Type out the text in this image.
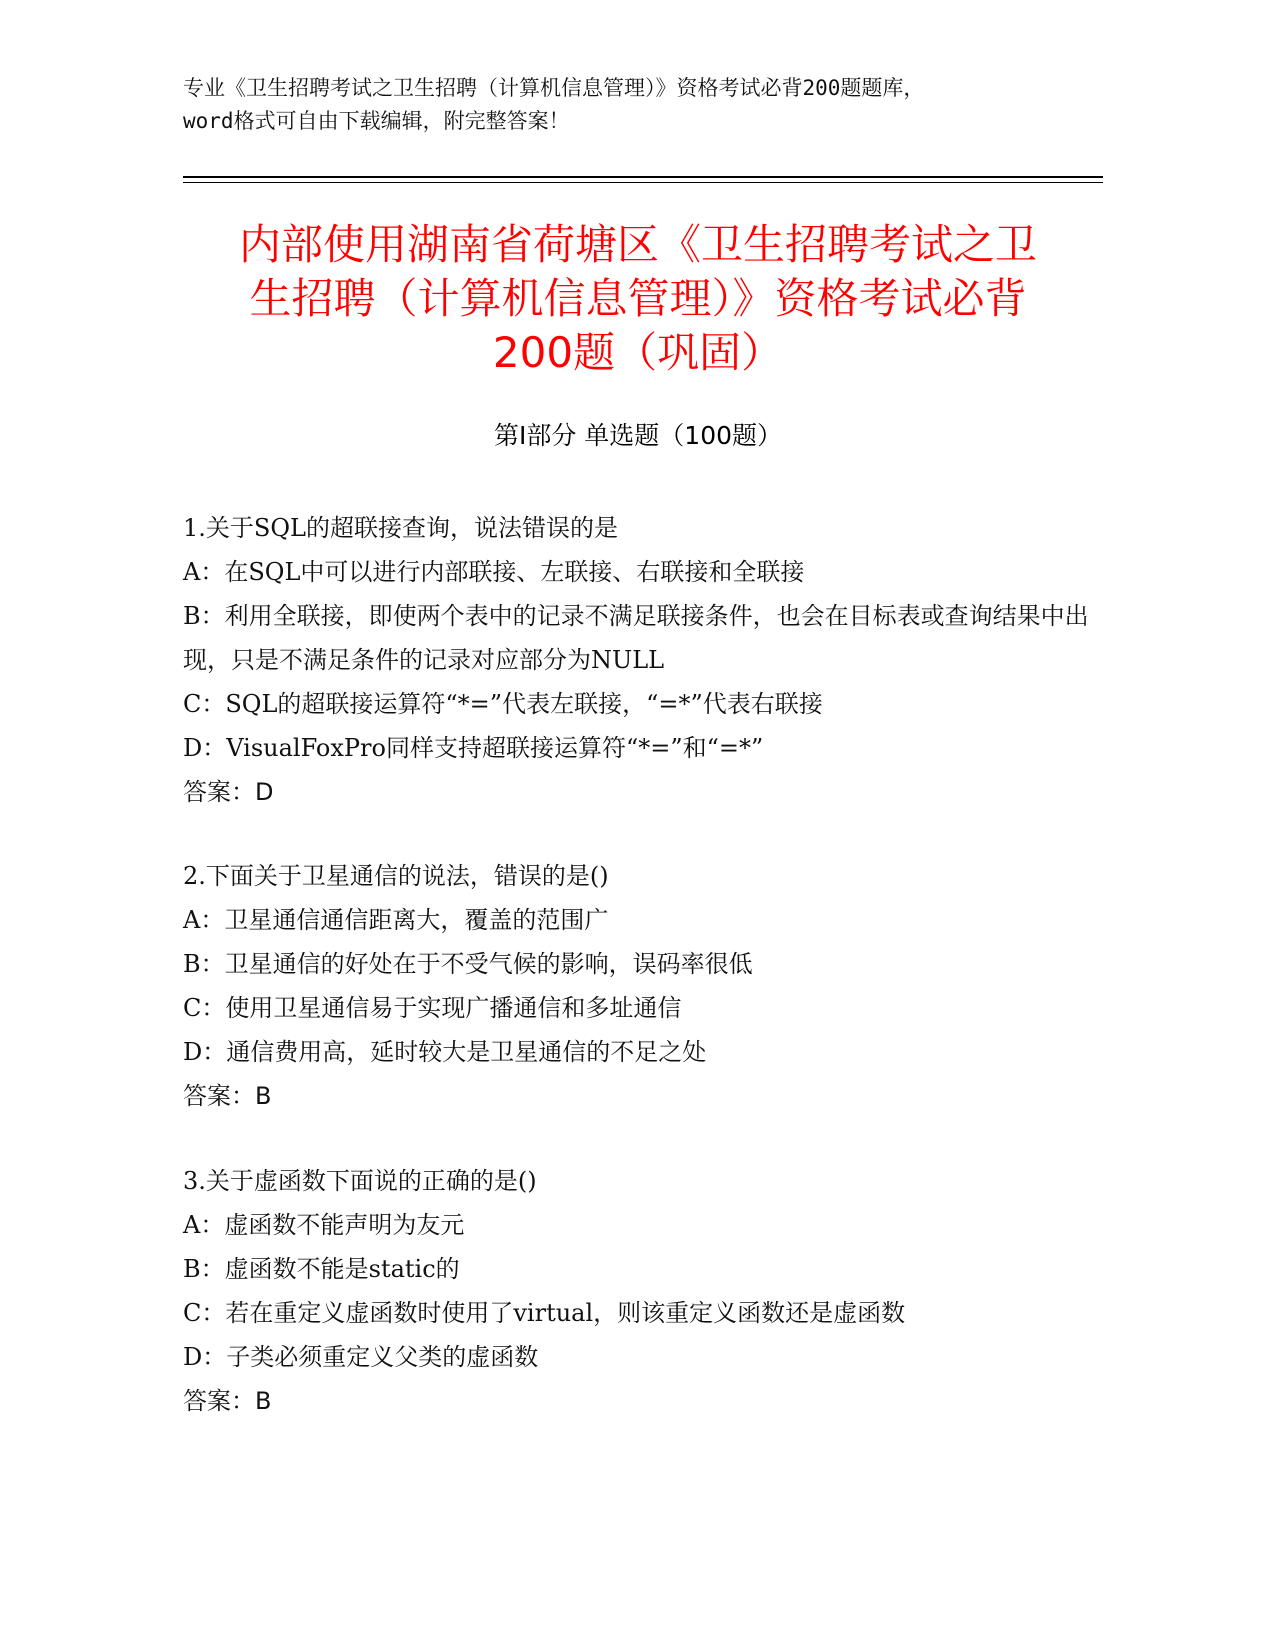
专业《卫生招聘考试之卫生招聘（计算机信息管理）》资格考试必背200题题库，
word格式可自由下载编辑，附完整答案！
内部使用湖南省荷塘区《卫生招聘考试之卫
生招聘（计算机信息管理）》资格考试必背
200题（巩固）
第I部分 单选题（100题）
1.关于SQL的超联接查询，说法错误的是
A：在SQL中可以进行内部联接、左联接、右联接和全联接
B：利用全联接，即使两个表中的记录不满足联接条件，也会在目标表或查询结果中出现，只是不满足条件的记录对应部分为NULL
C：SQL的超联接运算符“*=”代表左联接，“=*”代表右联接
D：VisualFoxPro同样支持超联接运算符“*=”和“=*”
答案：D
2.下面关于卫星通信的说法，错误的是()
A：卫星通信通信距离大，覆盖的范围广
B：卫星通信的好处在于不受气候的影响，误码率很低
C：使用卫星通信易于实现广播通信和多址通信
D：通信费用高，延时较大是卫星通信的不足之处
答案：B
3.关于虚函数下面说的正确的是()
A：虚函数不能声明为友元
B：虚函数不能是static的
C：若在重定义虚函数时使用了virtual，则该重定义函数还是虚函数
D：子类必须重定义父类的虚函数
答案：B
